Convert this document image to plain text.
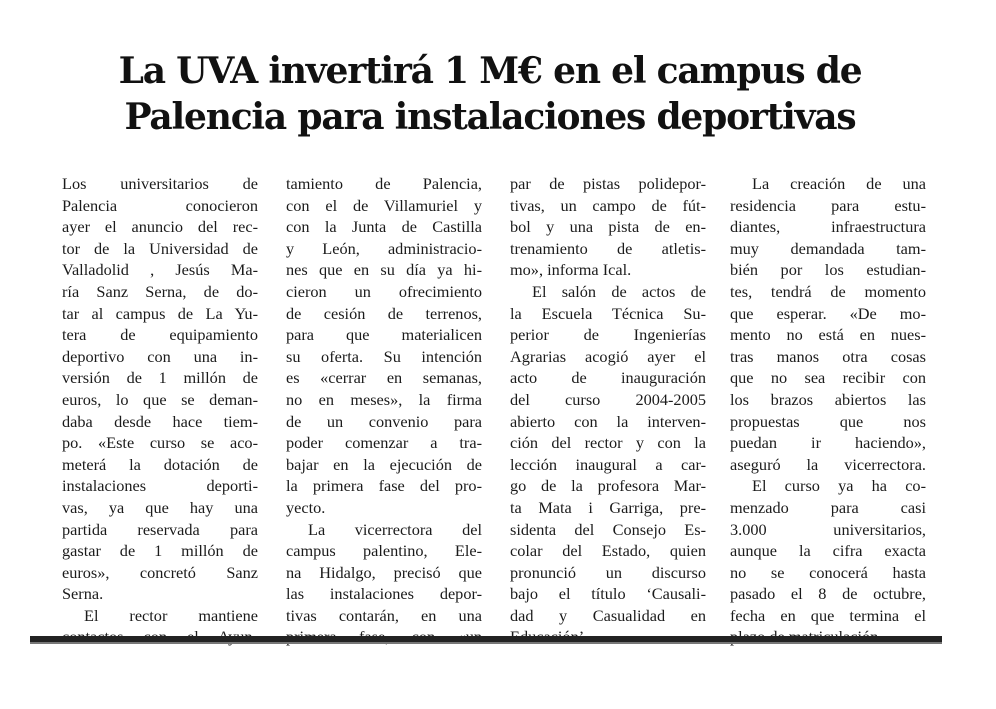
La UVA invertirá 1 M€ en el campus de
Palencia para instalaciones deportivas
Los universitarios de
Palencia conocieron
ayer el anuncio del rec-
tor de la Universidad de
Valladolid , Jesús Ma-
ría Sanz Serna, de do-
tar al campus de La Yu-
tera de equipamiento
deportivo con una in-
versión de 1 millón de
euros, lo que se deman-
daba desde hace tiem-
po. «Este curso se aco-
meterá la dotación de
instalaciones deporti-
vas, ya que hay una
partida reservada para
gastar de 1 millón de
euros», concretó Sanz
Serna.
El rector mantiene
tamiento de Palencia,
con el de Villamuriel y
con la Junta de Castilla
y León, administracio-
nes que en su día ya hi-
cieron un ofrecimiento
de cesión de terrenos,
para que materialicen
su oferta. Su intención
es «cerrar en semanas,
no en meses», la firma
de un convenio para
poder comenzar a tra-
bajar en la ejecución de
la primera fase del pro-
yecto.
La vicerrectora del
campus palentino, Ele-
na Hidalgo, precisó que
las instalaciones depor-
tivas contarán, en una
par de pistas polidepor-
tivas, un campo de fút-
bol y una pista de en-
trenamiento de atletis-
mo», informa Ical.
El salón de actos de
la Escuela Técnica Su-
perior de Ingenierías
Agrarias acogió ayer el
acto de inauguración
del curso 2004-2005
abierto con la interven-
ción del rector y con la
lección inaugural a car-
go de la profesora Mar-
ta Mata i Garriga, pre-
sidenta del Consejo Es-
colar del Estado, quien
pronunció un discurso
bajo el título ‘Causali-
dad y Casualidad en
La creación de una
residencia para estu-
diantes, infraestructura
muy demandada tam-
bién por los estudian-
tes, tendrá de momento
que esperar. «De mo-
mento no está en nues-
tras manos otra cosas
que no sea recibir con
los brazos abiertos las
propuestas que nos
puedan ir haciendo»,
aseguró la vicerrectora.
El curso ya ha co-
menzado para casi
3.000 universitarios,
aunque la cifra exacta
no se conocerá hasta
pasado el 8 de octubre,
fecha en que termina el
